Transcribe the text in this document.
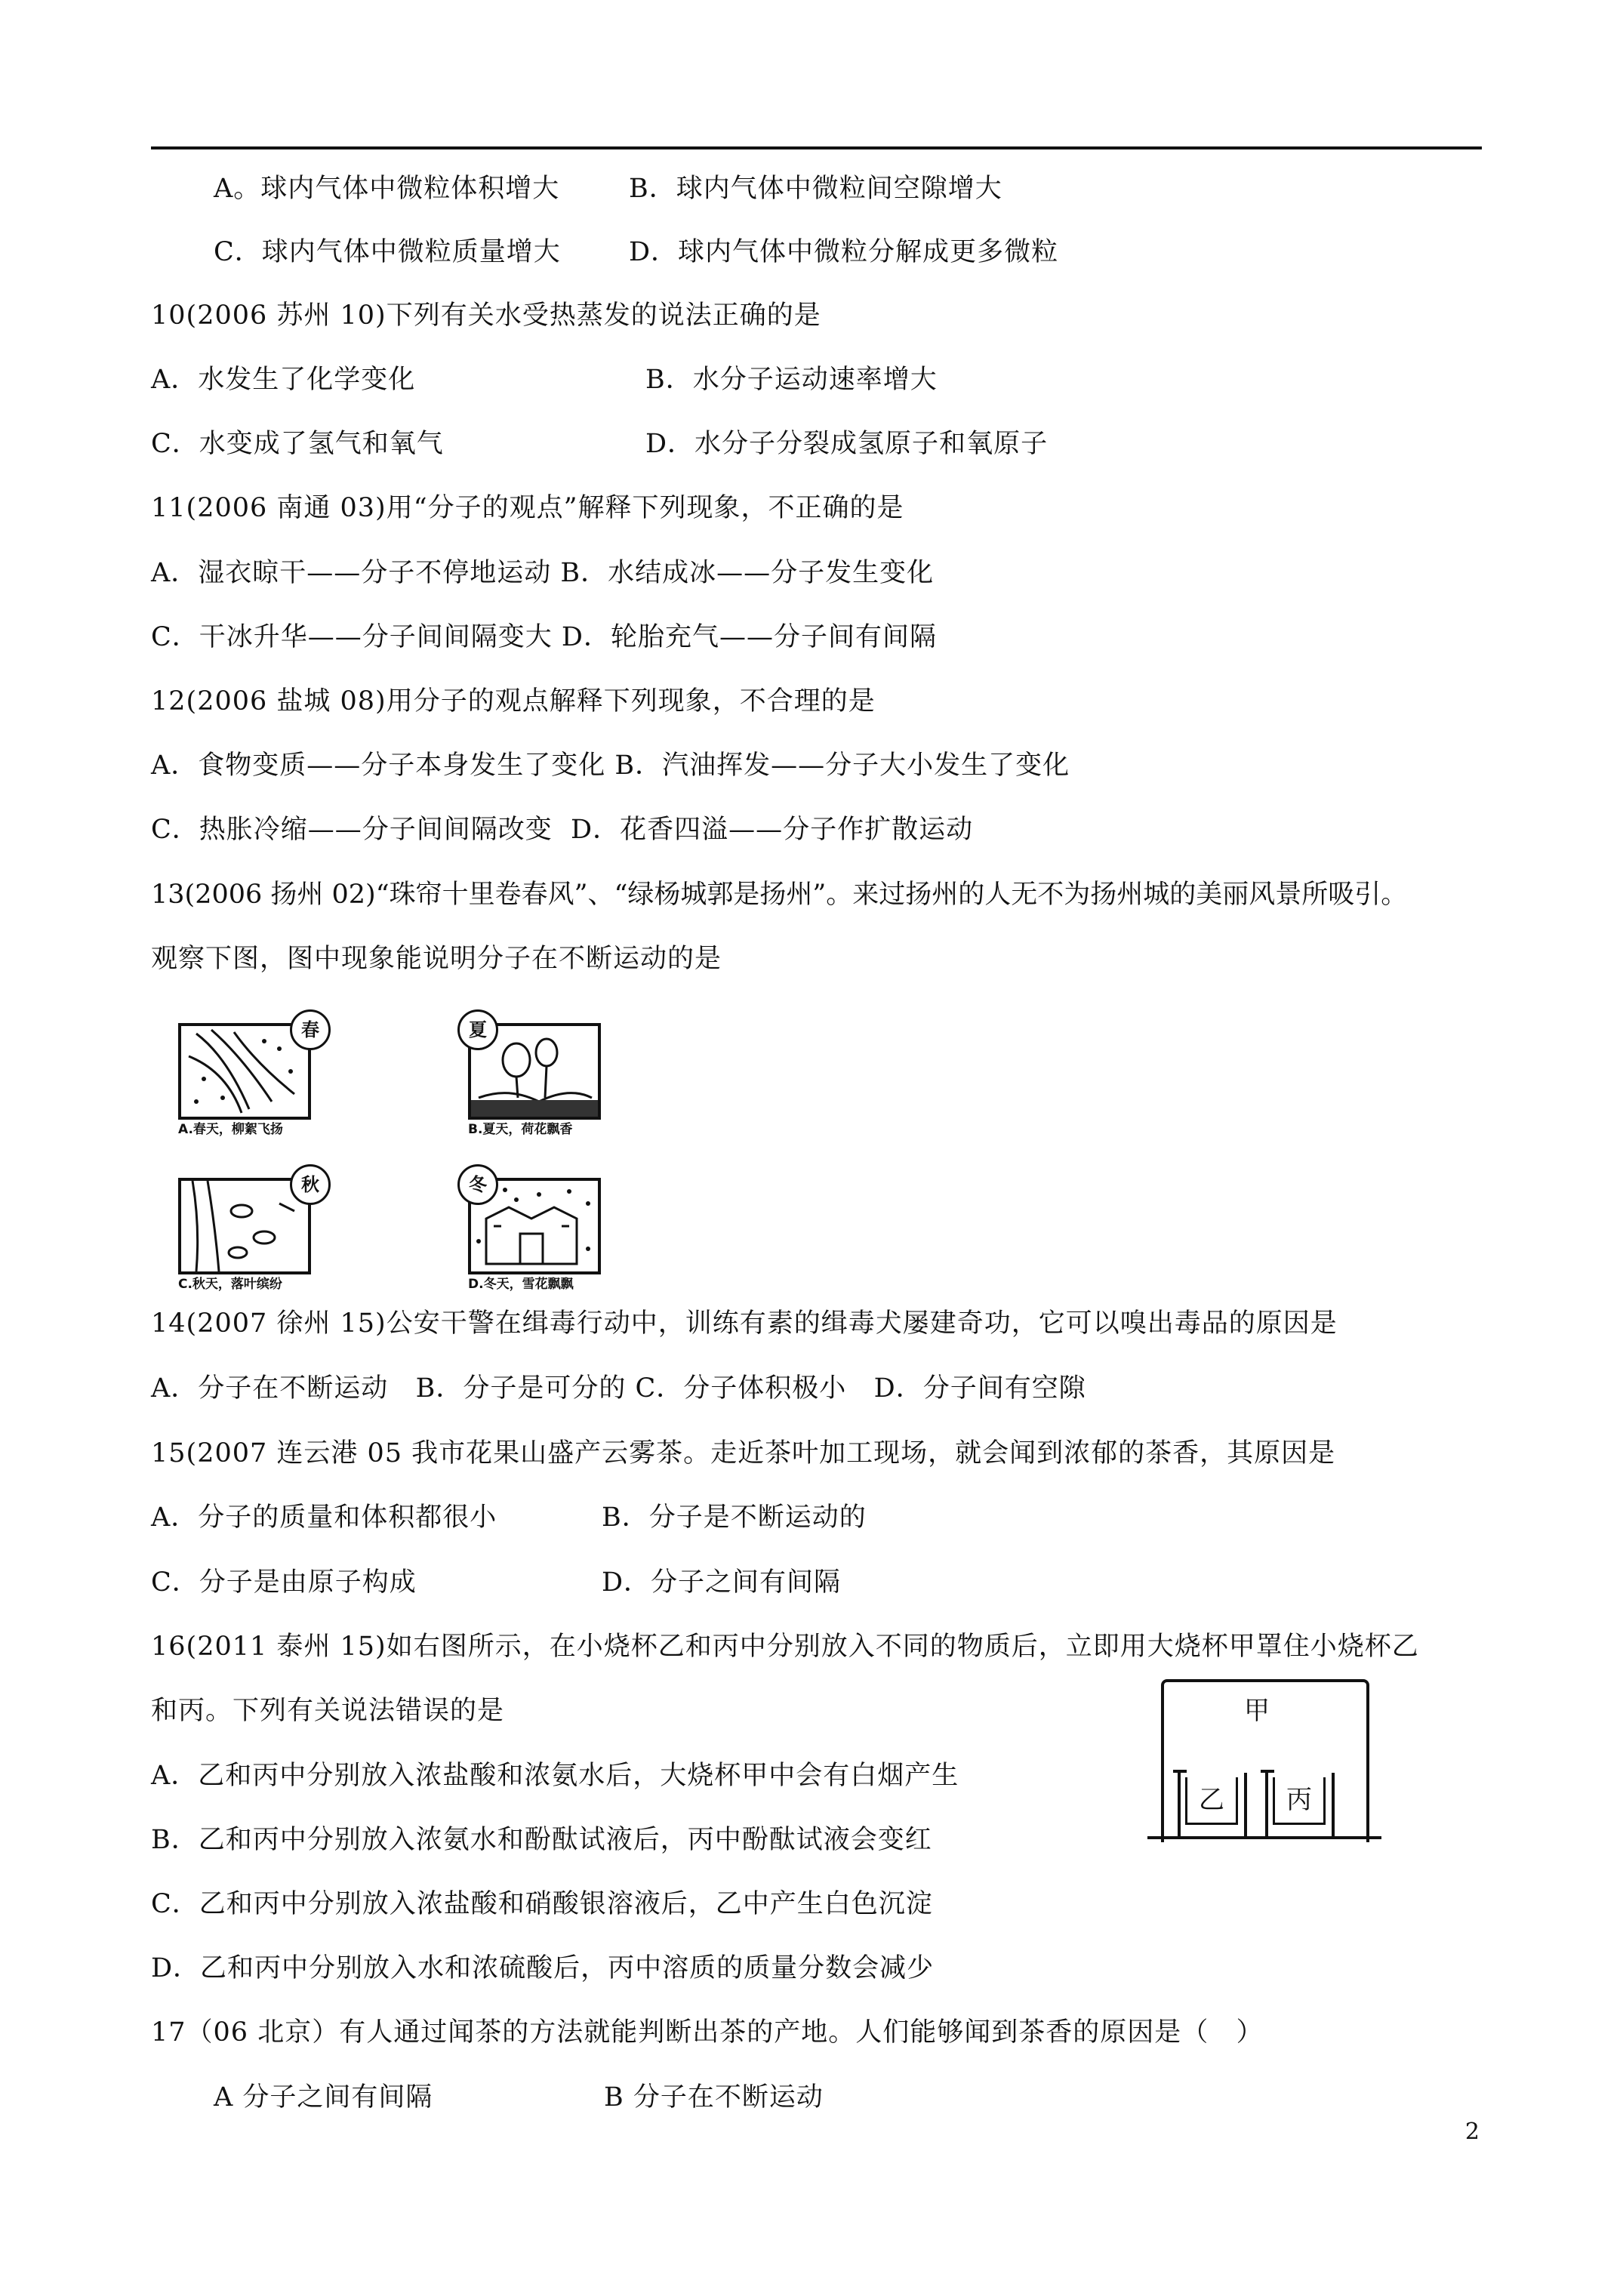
A。球内气体中微粒体积增大	B．球内气体中微粒间空隙增大
C．球内气体中微粒质量增大	D．球内气体中微粒分解成更多微粒
10(2006 苏州 10)下列有关水受热蒸发的说法正确的是
A．水发生了化学变化	B．水分子运动速率增大
C．水变成了氢气和氧气	D．水分子分裂成氢原子和氧原子
11(2006 南通 03)用“分子的观点”解释下列现象，不正确的是
A．湿衣晾干——分子不停地运动 B．水结成冰——分子发生变化
C．干冰升华——分子间间隔变大 D．轮胎充气——分子间有间隔
12(2006 盐城 08)用分子的观点解释下列现象，不合理的是
A．食物变质——分子本身发生了变化 B．汽油挥发——分子大小发生了变化
C．热胀冷缩——分子间间隔改变  D．花香四溢——分子作扩散运动
13(2006 扬州 02)“珠帘十里卷春风”、“绿杨城郭是扬州”。来过扬州的人无不为扬州城的美丽风景所吸引。
观察下图，图中现象能说明分子在不断运动的是
春
A.春天，柳絮飞扬
夏
B.夏天，荷花飘香
秋
C.秋天，落叶缤纷
冬
D.冬天，雪花飘飘
14(2007 徐州 15)公安干警在缉毒行动中，训练有素的缉毒犬屡建奇功，它可以嗅出毒品的原因是
A．分子在不断运动   B．分子是可分的 C．分子体积极小   D．分子间有空隙
15(2007 连云港 05 我市花果山盛产云雾茶。走近茶叶加工现场，就会闻到浓郁的茶香，其原因是
A．分子的质量和体积都很小	B．分子是不断运动的
C．分子是由原子构成	D．分子之间有间隔
16(2011 泰州 15)如右图所示，在小烧杯乙和丙中分别放入不同的物质后，立即用大烧杯甲罩住小烧杯乙
和丙。下列有关说法错误的是
A．乙和丙中分别放入浓盐酸和浓氨水后，大烧杯甲中会有白烟产生
B．乙和丙中分别放入浓氨水和酚酞试液后，丙中酚酞试液会变红
C．乙和丙中分别放入浓盐酸和硝酸银溶液后，乙中产生白色沉淀
D．乙和丙中分别放入水和浓硫酸后，丙中溶质的质量分数会减少
甲
乙	丙
17（06 北京）有人通过闻茶的方法就能判断出茶的产地。人们能够闻到茶香的原因是（   ）
A 分子之间有间隔	B 分子在不断运动
2
